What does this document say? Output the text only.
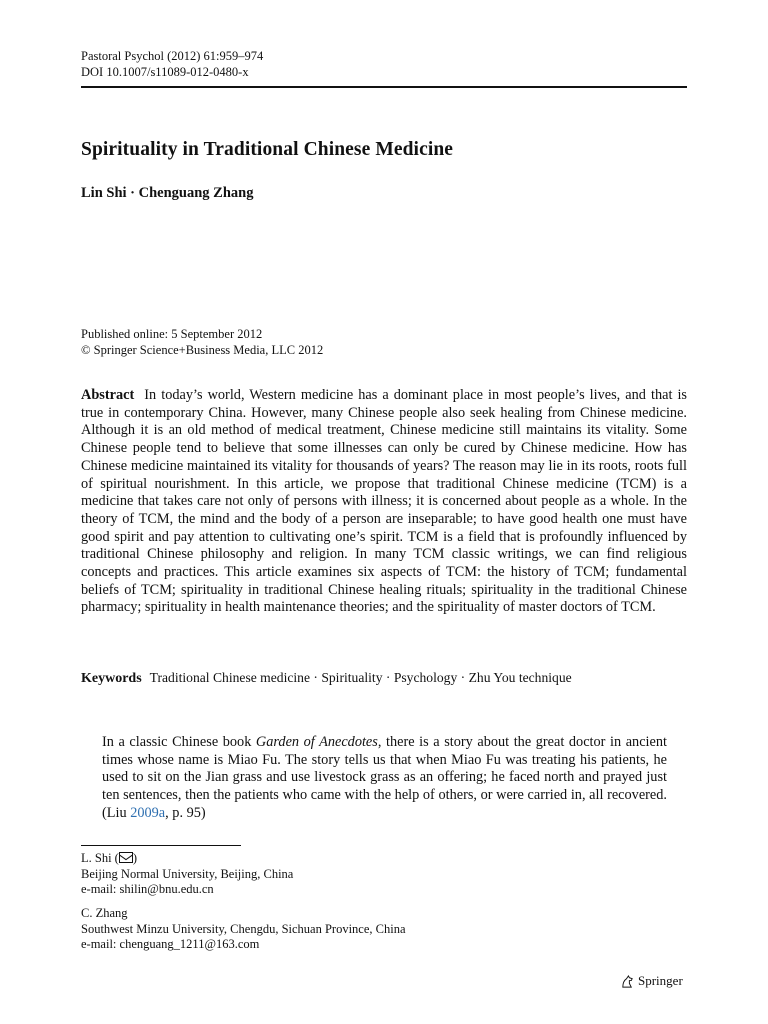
Pastoral Psychol (2012) 61:959–974
DOI 10.1007/s11089-012-0480-x
Spirituality in Traditional Chinese Medicine
Lin Shi · Chenguang Zhang
Published online: 5 September 2012
© Springer Science+Business Media, LLC 2012
Abstract In today’s world, Western medicine has a dominant place in most people’s lives, and that is true in contemporary China. However, many Chinese people also seek healing from Chinese medicine. Although it is an old method of medical treatment, Chinese medicine still maintains its vitality. Some Chinese people tend to believe that some illnesses can only be cured by Chinese medicine. How has Chinese medicine maintained its vitality for thousands of years? The reason may lie in its roots, roots full of spiritual nourishment. In this article, we propose that traditional Chinese medicine (TCM) is a medicine that takes care not only of persons with illness; it is concerned about people as a whole. In the theory of TCM, the mind and the body of a person are inseparable; to have good health one must have good spirit and pay attention to cultivating one’s spirit. TCM is a field that is profoundly influenced by traditional Chinese philosophy and religion. In many TCM classic writings, we can find religious concepts and practices. This article examines six aspects of TCM: the history of TCM; fundamental beliefs of TCM; spirituality in traditional Chinese healing rituals; spirituality in the traditional Chinese pharmacy; spirituality in health maintenance theories; and the spirituality of master doctors of TCM.
Keywords Traditional Chinese medicine · Spirituality · Psychology · Zhu You technique
In a classic Chinese book Garden of Anecdotes, there is a story about the great doctor in ancient times whose name is Miao Fu. The story tells us that when Miao Fu was treating his patients, he used to sit on the Jian grass and use livestock grass as an offering; he faced north and prayed just ten sentences, then the patients who came with the help of others, or were carried in, all recovered. (Liu 2009a, p. 95)
L. Shi ( )
Beijing Normal University, Beijing, China
e-mail: shilin@bnu.edu.cn
C. Zhang
Southwest Minzu University, Chengdu, Sichuan Province, China
e-mail: chenguang_1211@163.com
Springer
